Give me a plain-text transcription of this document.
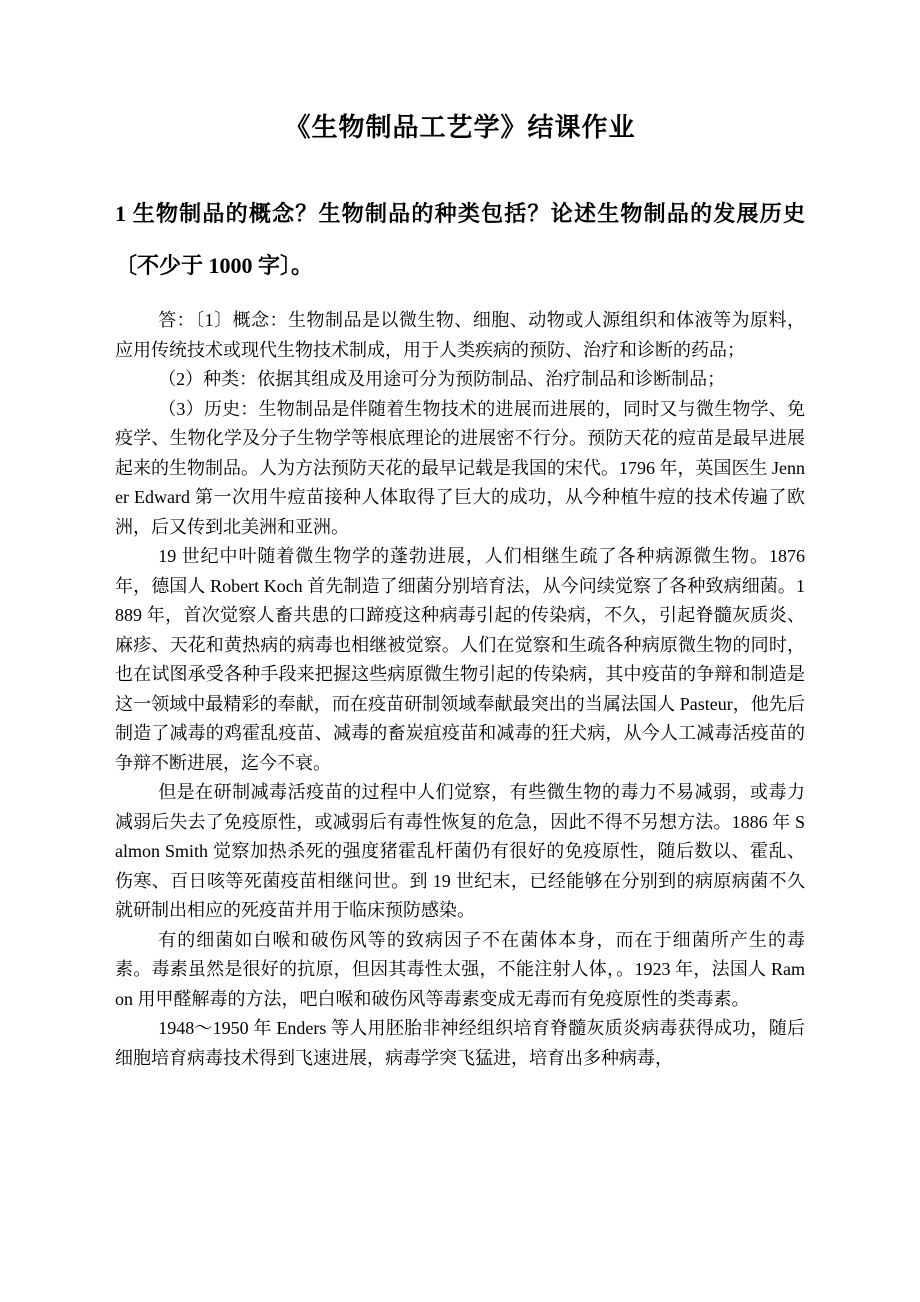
《生物制品工艺学》结课作业
1 生物制品的概念？生物制品的种类包括？论述生物制品的发展历史〔不少于 1000 字〕。

答：〔1〕概念：生物制品是以微生物、细胞、动物或人源组织和体液等为原料，应用传统技术或现代生物技术制成，用于人类疾病的预防、治疗和诊断的药品；

（2）种类：依据其组成及用途可分为预防制品、治疗制品和诊断制品；

（3）历史：生物制品是伴随着生物技术的进展而进展的，同时又与微生物学、免疫学、生物化学及分子生物学等根底理论的进展密不行分。预防天花的痘苗是最早进展起来的生物制品。人为方法预防天花的最早记载是我国的宋代。1796 年，英国医生 Jenner Edward 第一次用牛痘苗接种人体取得了巨大的成功，从今种植牛痘的技术传遍了欧洲，后又传到北美洲和亚洲。

19 世纪中叶随着微生物学的蓬勃进展，人们相继生疏了各种病源微生物。1876 年，德国人 Robert Koch 首先制造了细菌分别培育法，从今问续觉察了各种致病细菌。1889 年，首次觉察人畜共患的口蹄疫这种病毒引起的传染病，不久，引起脊髓灰质炎、麻疹、天花和黄热病的病毒也相继被觉察。人们在觉察和生疏各种病原微生物的同时，也在试图承受各种手段来把握这些病原微生物引起的传染病，其中疫苗的争辩和制造是这一领域中最精彩的奉献，而在疫苗研制领域奉献最突出的当属法国人 Pasteur，他先后制造了减毒的鸡霍乱疫苗、减毒的畜炭疽疫苗和减毒的狂犬病，从今人工减毒活疫苗的争辩不断进展，迄今不衰。

但是在研制减毒活疫苗的过程中人们觉察，有些微生物的毒力不易减弱，或毒力减弱后失去了免疫原性，或减弱后有毒性恢复的危急，因此不得不另想方法。1886 年 Salmon Smith 觉察加热杀死的强度猪霍乱杆菌仍有很好的免疫原性，随后数以、霍乱、伤寒、百日咳等死菌疫苗相继问世。到 19 世纪末，已经能够在分别到的病原病菌不久就研制出相应的死疫苗并用于临床预防感染。

有的细菌如白喉和破伤风等的致病因子不在菌体本身，而在于细菌所产生的毒素。毒素虽然是很好的抗原，但因其毒性太强，不能注射人体，。1923 年，法国人 Ramon 用甲醛解毒的方法，吧白喉和破伤风等毒素变成无毒而有免疫原性的类毒素。

1948～1950 年 Enders 等人用胚胎非神经组织培育脊髓灰质炎病毒获得成功，随后细胞培育病毒技术得到飞速进展，病毒学突飞猛进，培育出多种病毒，
